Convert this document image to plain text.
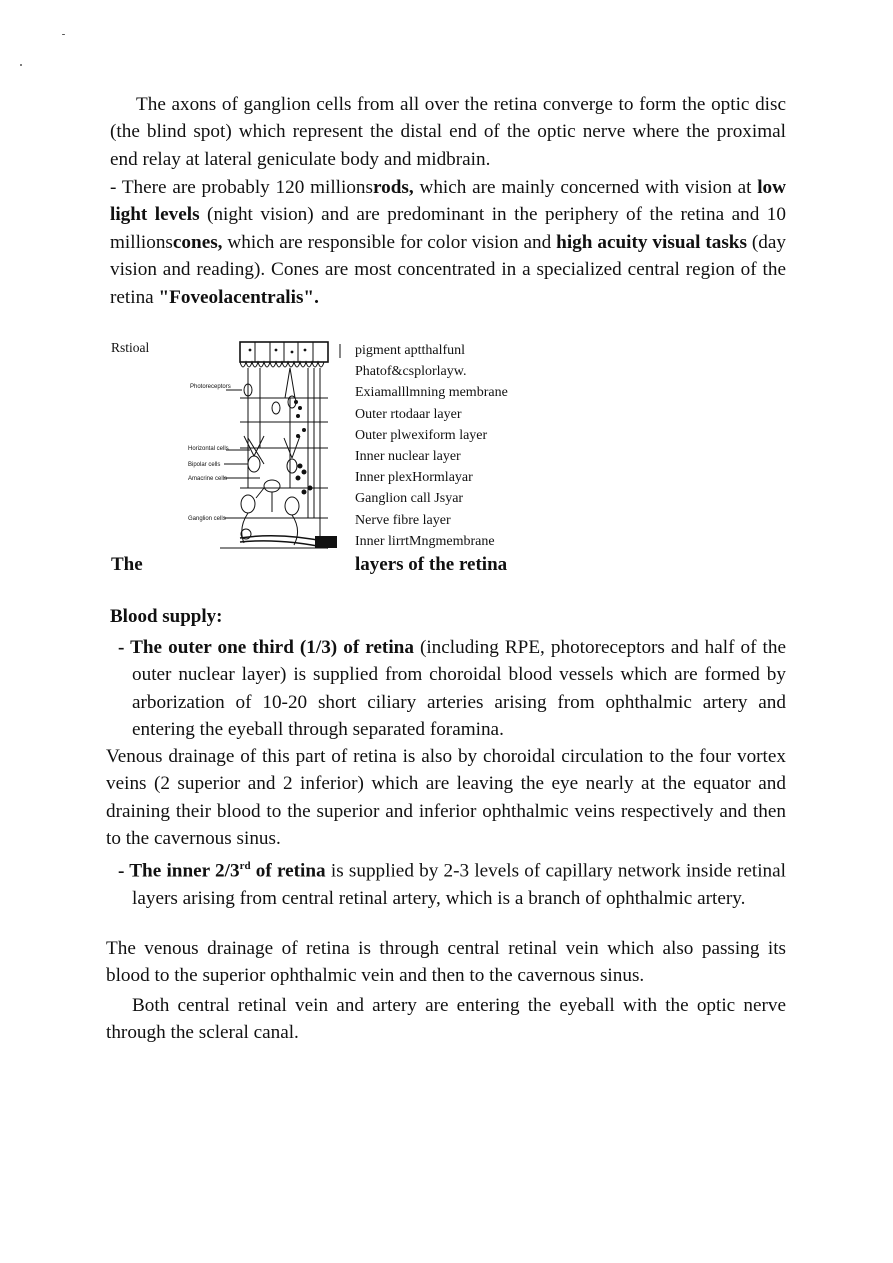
The axons of ganglion cells from all over the retina converge to form the optic disc (the blind spot) which represent the distal end of the optic nerve where the proximal end relay at lateral geniculate body and midbrain.

- There are probably 120 millionsrods, which are mainly concerned with vision at low light levels (night vision) and are predominant in the periphery of the retina and 10 millionscones, which are responsible for color vision and high acuity visual tasks (day vision and reading). Cones are most concentrated in a specialized central region of the retina "Foveolacentralis".

Rstioal
Photoreceptors
Horizontal cells
Bipolar cells
Amacrine cells
Ganglion cells
pigment aptthalfunl
Phatof&csplorlayw.
Exiamalllmning membrane
Outer rtodaar layer
Outer plwexiform layer
Inner nuclear layer
Inner plexHormlayar
Ganglion call Jsyar
Nerve fibre layer
Inner lirrtMngmembrane
The	layers of the retina
Blood supply:

- The outer one third (1/3) of retina (including RPE, photoreceptors and half of the outer nuclear layer) is supplied from choroidal blood vessels which are formed by arborization of 10-20 short ciliary arteries arising from ophthalmic artery and entering the eyeball through separated foramina.

Venous drainage of this part of retina is also by choroidal circulation to the four vortex veins (2 superior and 2 inferior) which are leaving the eye nearly at the equator and draining their blood to the superior and inferior ophthalmic veins respectively and then to the cavernous sinus.

- The inner 2/3rd of retina is supplied by 2-3 levels of capillary network inside retinal layers arising from central retinal artery, which is a branch of ophthalmic artery.

The venous drainage of retina is through central retinal vein which also passing its blood to the superior ophthalmic vein and then to the cavernous sinus.

Both central retinal vein and artery are entering the eyeball with the optic nerve through the scleral canal.
